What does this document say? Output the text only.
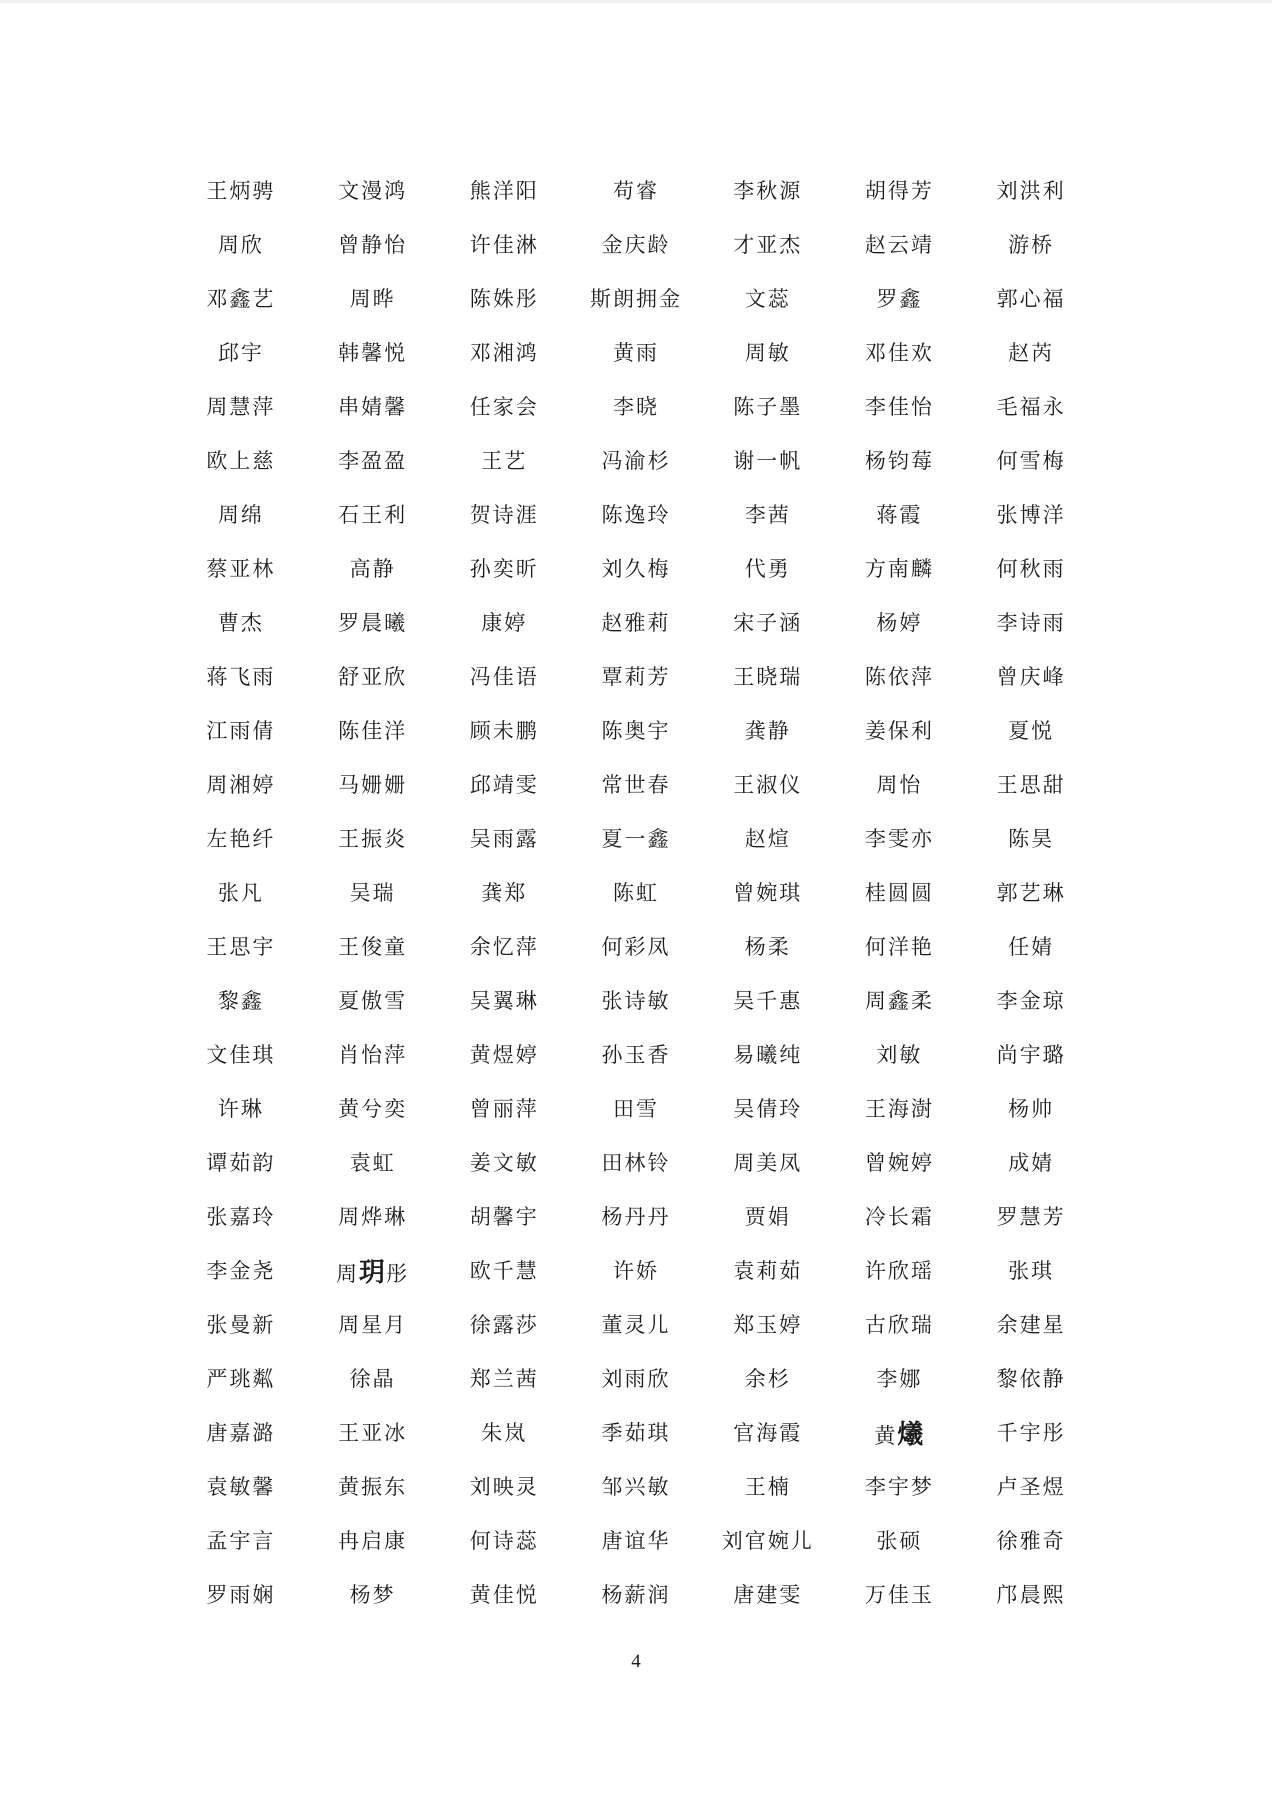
王炳骋	文漫鸿	熊洋阳	苟睿	李秋源	胡得芳	刘洪利
周欣	曾静怡	许佳淋	金庆龄	才亚杰	赵云靖	游桥
邓鑫艺	周晔	陈姝彤	斯朗拥金	文蕊	罗鑫	郭心福
邱宇	韩馨悦	邓湘鸿	黄雨	周敏	邓佳欢	赵芮
周慧萍	串婧馨	任家会	李晓	陈子墨	李佳怡	毛福永
欧上慈	李盈盈	王艺	冯渝杉	谢一帆	杨钧莓	何雪梅
周绵	石王利	贺诗涯	陈逸玲	李茜	蒋霞	张博洋
蔡亚林	高静	孙奕昕	刘久梅	代勇	方南麟	何秋雨
曹杰	罗晨曦	康婷	赵雅莉	宋子涵	杨婷	李诗雨
蒋飞雨	舒亚欣	冯佳语	覃莉芳	王晓瑞	陈依萍	曾庆峰
江雨倩	陈佳洋	顾未鹏	陈奥宇	龚静	姜保利	夏悦
周湘婷	马姗姗	邱靖雯	常世春	王淑仪	周怡	王思甜
左艳纤	王振炎	吴雨露	夏一鑫	赵煊	李雯亦	陈昊
张凡	吴瑞	龚郑	陈虹	曾婉琪	桂圆圆	郭艺琳
王思宇	王俊童	余忆萍	何彩凤	杨柔	何洋艳	任婧
黎鑫	夏傲雪	吴翼琳	张诗敏	吴千惠	周鑫柔	李金琼
文佳琪	肖怡萍	黄煜婷	孙玉香	易曦纯	刘敏	尚宇璐
许琳	黄兮奕	曾丽萍	田雪	吴倩玲	王海澍	杨帅
谭茹韵	袁虹	姜文敏	田林铃	周美凤	曾婉婷	成婧
张嘉玲	周烨琳	胡馨宇	杨丹丹	贾娟	冷长霜	罗慧芳
李金尧	周玥彤	欧千慧	许娇	袁莉茹	许欣瑶	张琪
张曼新	周星月	徐露莎	董灵儿	郑玉婷	古欣瑞	余建星
严珧粼	徐晶	郑兰茜	刘雨欣	余杉	李娜	黎依静
唐嘉潞	王亚冰	朱岚	季茹琪	官海霞	黄爔	千宇彤
袁敏馨	黄振东	刘映灵	邹兴敏	王楠	李宇梦	卢圣煜
孟宇言	冉启康	何诗蕊	唐谊华	刘官婉儿	张硕	徐雅奇
罗雨娴	杨梦	黄佳悦	杨薪润	唐建雯	万佳玉	邝晨熙
4
